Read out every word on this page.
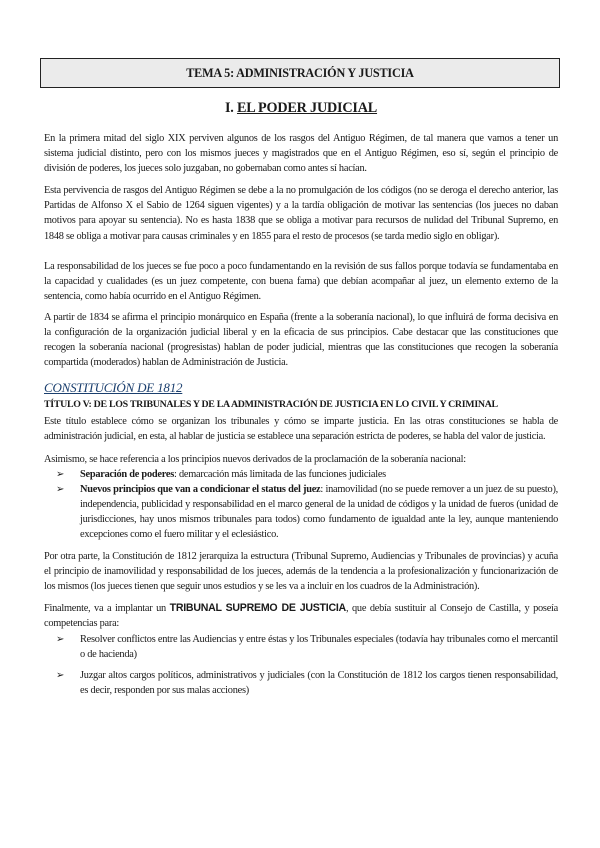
TEMA 5: ADMINISTRACIÓN Y JUSTICIA
I. EL PODER JUDICIAL

En la primera mitad del siglo XIX perviven algunos de los rasgos del Antiguo Régimen, de tal manera que vamos a tener un sistema judicial distinto, pero con los mismos jueces y magistrados que en el Antiguo Régimen, eso sí, según el principio de división de poderes, los jueces solo juzgaban, no gobernaban como antes sí hacían.

Esta pervivencia de rasgos del Antiguo Régimen se debe a la no promulgación de los códigos (no se deroga el derecho anterior, las Partidas de Alfonso X el Sabio de 1264 siguen vigentes) y a la tardía obligación de motivar las sentencias (los jueces no daban motivos para apoyar su sentencia). No es hasta 1838 que se obliga a motivar para recursos de nulidad del Tribunal Supremo, en 1848 se obliga a motivar para causas criminales y en 1855 para el resto de procesos (se tarda medio siglo en obligar).

La responsabilidad de los jueces se fue poco a poco fundamentando en la revisión de sus fallos porque todavía se fundamentaba en la capacidad y cualidades (es un juez competente, con buena fama) que debían acompañar al juez, un elemento externo de la sentencia, como había ocurrido en el Antiguo Régimen.

A partir de 1834 se afirma el principio monárquico en España (frente a la soberanía nacional), lo que influirá de forma decisiva en la configuración de la organización judicial liberal y en la eficacia de sus principios. Cabe destacar que las constituciones que recogen la soberanía nacional (progresistas) hablan de poder judicial, mientras que las constituciones que recogen la soberanía compartida (moderados) hablan de Administración de Justicia.

CONSTITUCIÓN DE 1812
TÍTULO V: DE LOS TRIBUNALES Y DE LA ADMINISTRACIÓN DE JUSTICIA EN LO CIVIL Y CRIMINAL

Este título establece cómo se organizan los tribunales y cómo se imparte justicia. En las otras constituciones se habla de administración judicial, en esta, al hablar de justicia se establece una separación estricta de poderes, se habla del valor de justicia.

Asimismo, se hace referencia a los principios nuevos derivados de la proclamación de la soberanía nacional:

➢ Separación de poderes: demarcación más limitada de las funciones judiciales
➢ Nuevos principios que van a condicionar el status del juez: inamovilidad (no se puede remover a un juez de su puesto), independencia, publicidad y responsabilidad en el marco general de la unidad de códigos y la unidad de fueros (unidad de jurisdicciones, hay unos mismos tribunales para todos) como fundamento de igualdad ante la ley, aunque manteniendo excepciones como el fuero militar y el eclesiástico.

Por otra parte, la Constitución de 1812 jerarquiza la estructura (Tribunal Supremo, Audiencias y Tribunales de provincias) y acuña el principio de inamovilidad y responsabilidad de los jueces, además de la tendencia a la profesionalización y funcionarización de los mismos (los jueces tienen que seguir unos estudios y se les va a incluir en los cuadros de la Administración).

Finalmente, va a implantar un TRIBUNAL SUPREMO DE JUSTICIA, que debía sustituir al Consejo de Castilla, y poseía competencias para:

➢ Resolver conflictos entre las Audiencias y entre éstas y los Tribunales especiales (todavía hay tribunales como el mercantil o de hacienda)
➢ Juzgar altos cargos políticos, administrativos y judiciales (con la Constitución de 1812 los cargos tienen responsabilidad, es decir, responden por sus malas acciones)
